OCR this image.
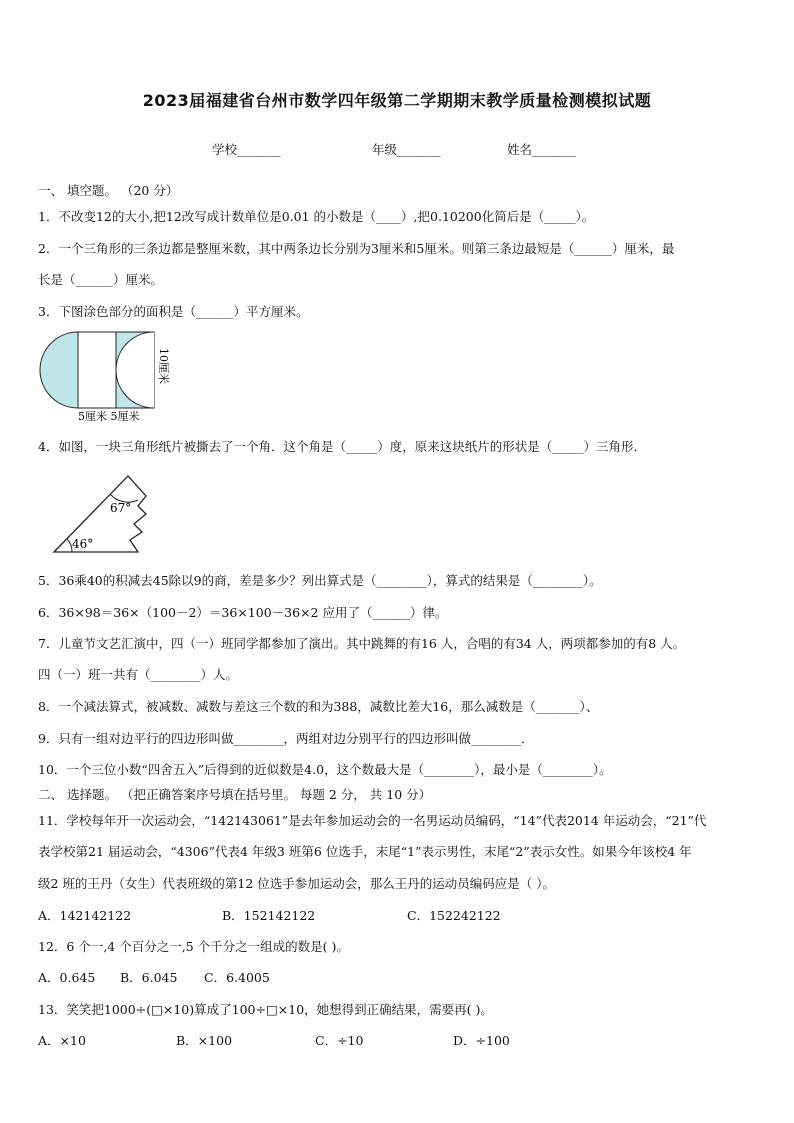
2023届福建省台州市数学四年级第二学期期末教学质量检测模拟试题
学校_______	年级_______	姓名_______
一、 填空题。 （20 分）
1．不改变12的大小,把12改写成计数单位是0.01 的小数是（____）,把0.10200化简后是（_____）。
2．一个三角形的三条边都是整厘米数，其中两条边长分别为3厘米和5厘米。则第三条边最短是（______）厘米，最
长是（______）厘米。
3．下图涂色部分的面积是（______）平方厘米。
5厘米 5厘米
10厘米
4．如图，一块三角形纸片被撕去了一个角．这个角是（_____）度，原来这块纸片的形状是（_____）三角形．
67°
46°
5．36乘40的积减去45除以9的商，差是多少？列出算式是（________），算式的结果是（________）。
6．36×98＝36×（100－2）＝36×100－36×2 应用了（______）律。
7．儿童节文艺汇演中，四（一）班同学都参加了演出。其中跳舞的有16 人，合唱的有34 人，两项都参加的有8 人。
四（一）班一共有（________）人。
8．一个减法算式，被减数、减数与差这三个数的和为388，减数比差大16，那么减数是（_______）、
9．只有一组对边平行的四边形叫做________，两组对边分别平行的四边形叫做________．
10．一个三位小数“四舍五入”后得到的近似数是4.0，这个数最大是（________），最小是（________）。
二、 选择题。 （把正确答案序号填在括号里。 每题 2 分， 共 10 分）
11．学校每年开一次运动会，“142143061”是去年参加运动会的一名男运动员编码，“14”代表2014 年运动会，“21”代
表学校第21 届运动会，“4306”代表4 年级3 班第6 位选手，末尾“1”表示男性，末尾“2”表示女性。如果今年该校4 年
级2 班的王丹（女生）代表班级的第12 位选手参加运动会，那么王丹的运动员编码应是（ ）。
A．142142122	B．152142122	C．152242122
12．6 个一,4 个百分之一,5 个千分之一组成的数是( )。
A．0.645 B．6.045 C．6.4005
13．笑笑把1000÷(□×10)算成了100÷□×10，她想得到正确结果，需要再( )。
A．×10	B．×100	C．÷10	D．÷100
